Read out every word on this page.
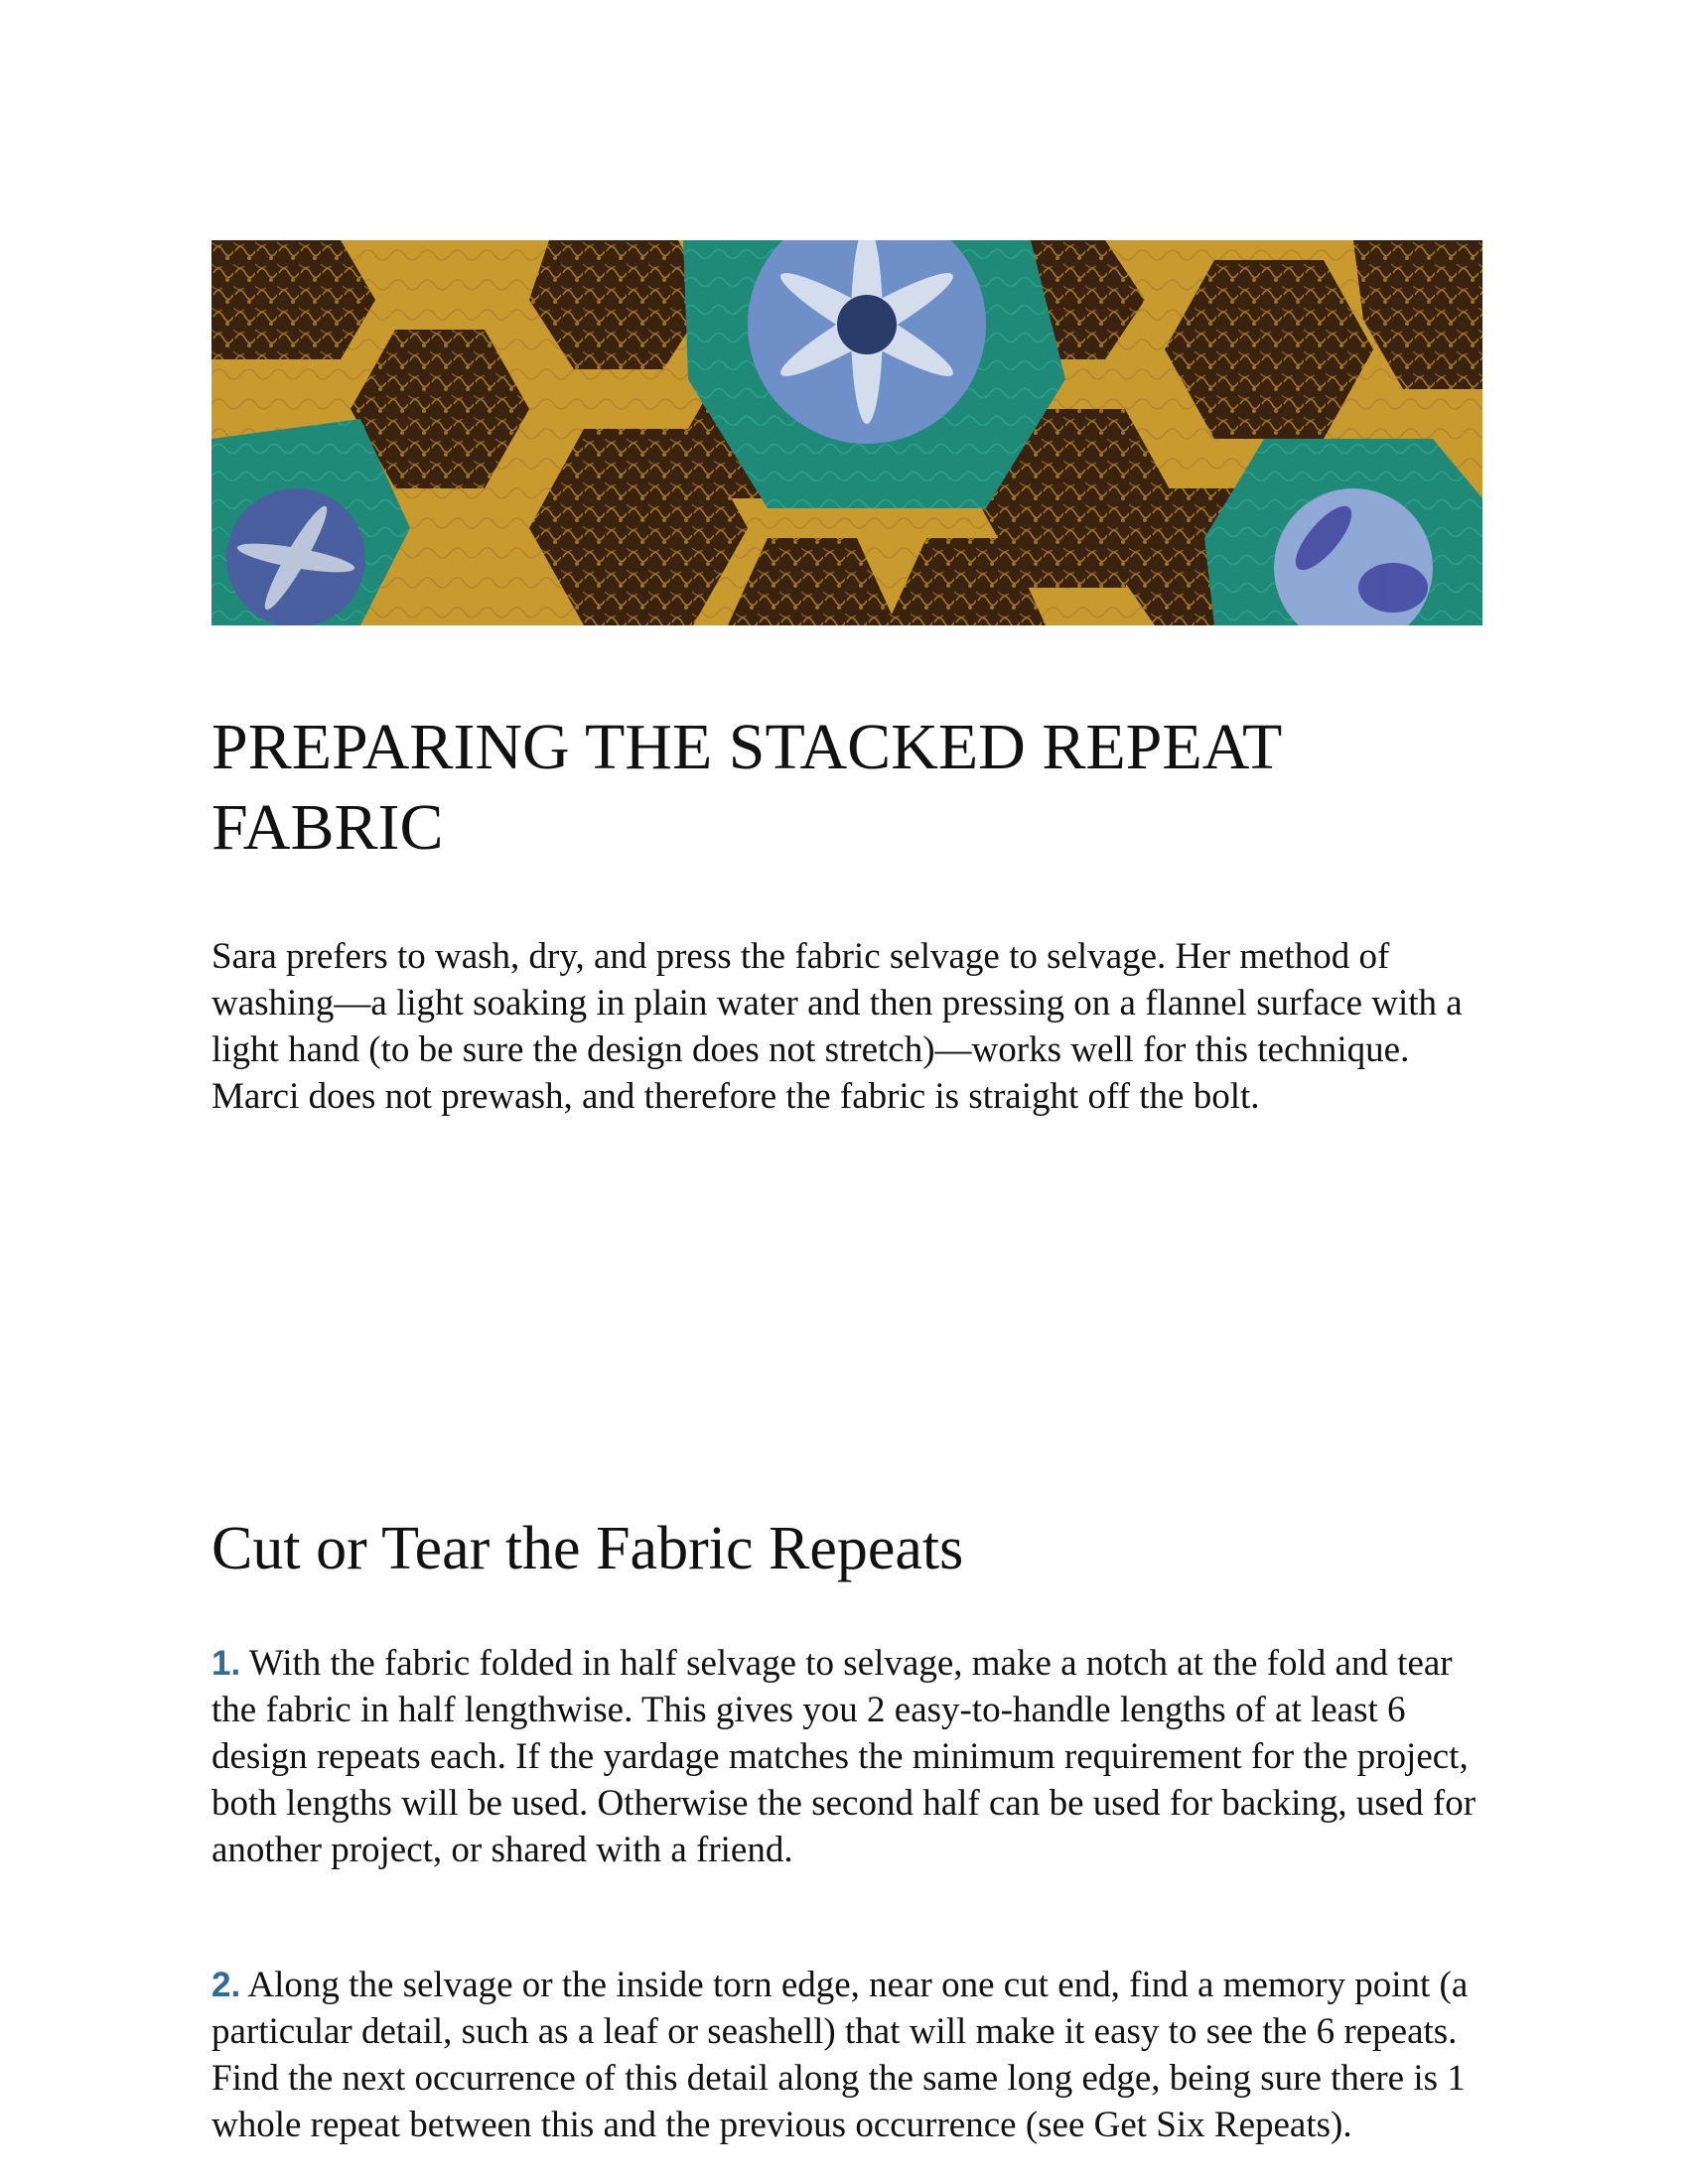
PREPARING THE STACKED REPEAT FABRIC

Sara prefers to wash, dry, and press the fabric selvage to selvage. Her method of washing—a light soaking in plain water and then pressing on a flannel surface with a light hand (to be sure the design does not stretch)—works well for this technique. Marci does not prewash, and therefore the fabric is straight off the bolt.

Cut or Tear the Fabric Repeats

1. With the fabric folded in half selvage to selvage, make a notch at the fold and tear the fabric in half lengthwise. This gives you 2 easy-to-handle lengths of at least 6 design repeats each. If the yardage matches the minimum requirement for the project, both lengths will be used. Otherwise the second half can be used for backing, used for another project, or shared with a friend.

2. Along the selvage or the inside torn edge, near one cut end, find a memory point (a particular detail, such as a leaf or seashell) that will make it easy to see the 6 repeats. Find the next occurrence of this detail along the same long edge, being sure there is 1 whole repeat between this and the previous occurrence (see Get Six Repeats).
